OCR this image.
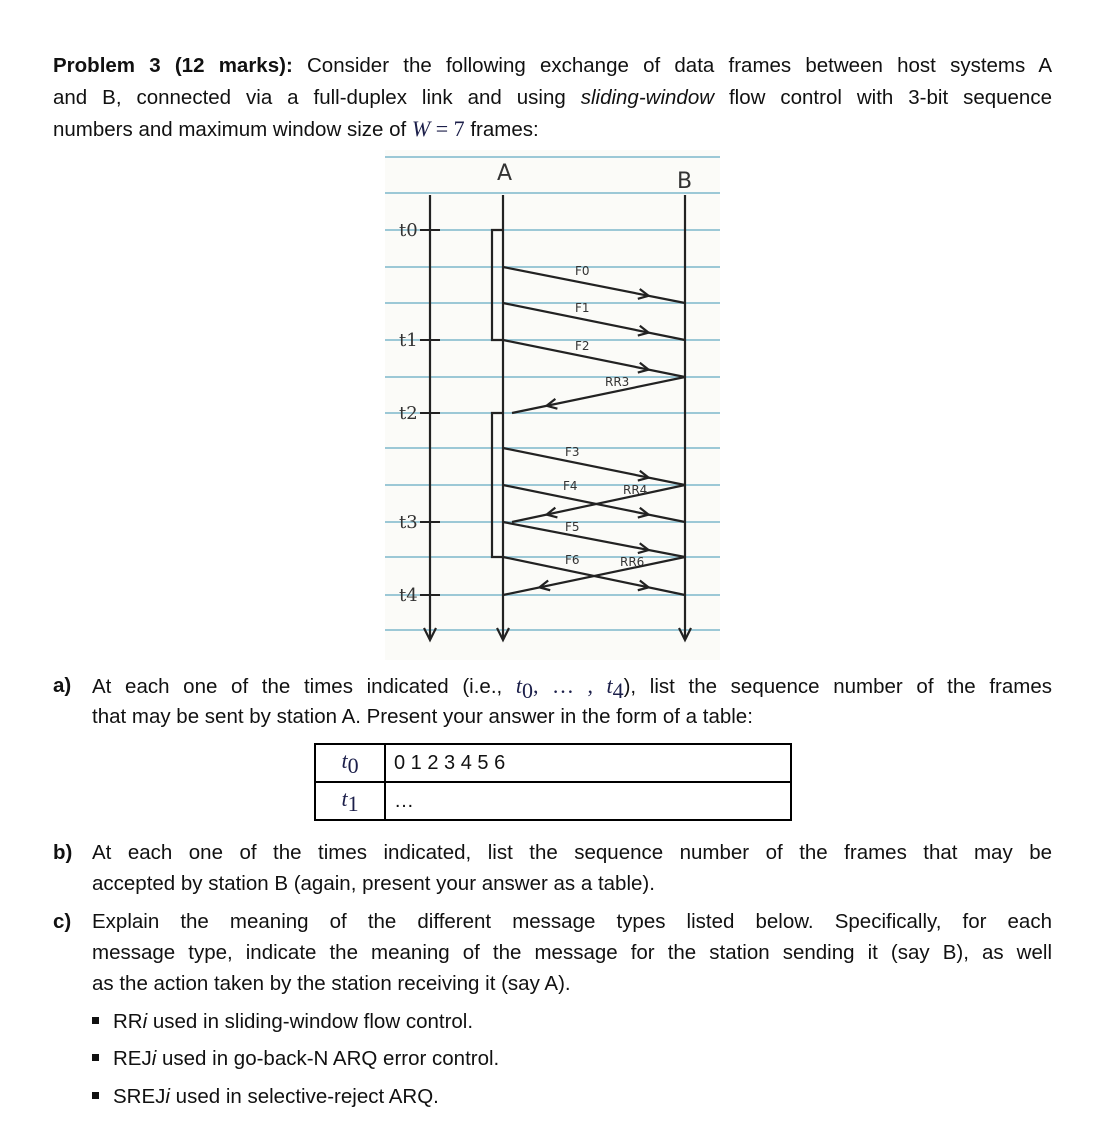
Problem 3 (12 marks): Consider the following exchange of data frames between host systems A
and B, connected via a full-duplex link and using sliding-window flow control with 3-bit sequence
numbers and maximum window size of W = 7 frames:
A	B
t0
t1
t2
t3
t4
F0
F1
F2
RR3
F3
F4	RR4
F5
F6	RR6
a) At each one of the times indicated (i.e., $t_0$, … , $t_4$), list the sequence number of the frames
that may be sent by station A. Present your answer in the form of a table:
$t_0$	0 1 2 3 4 5 6
$t_1$	…
b) At each one of the times indicated, list the sequence number of the frames that may be
accepted by station B (again, present your answer as a table).
c) Explain the meaning of the different message types listed below. Specifically, for each
message type, indicate the meaning of the message for the station sending it (say B), as well
as the action taken by the station receiving it (say A).
RRi used in sliding-window flow control.
REJi used in go-back-N ARQ error control.
SREJi used in selective-reject ARQ.
